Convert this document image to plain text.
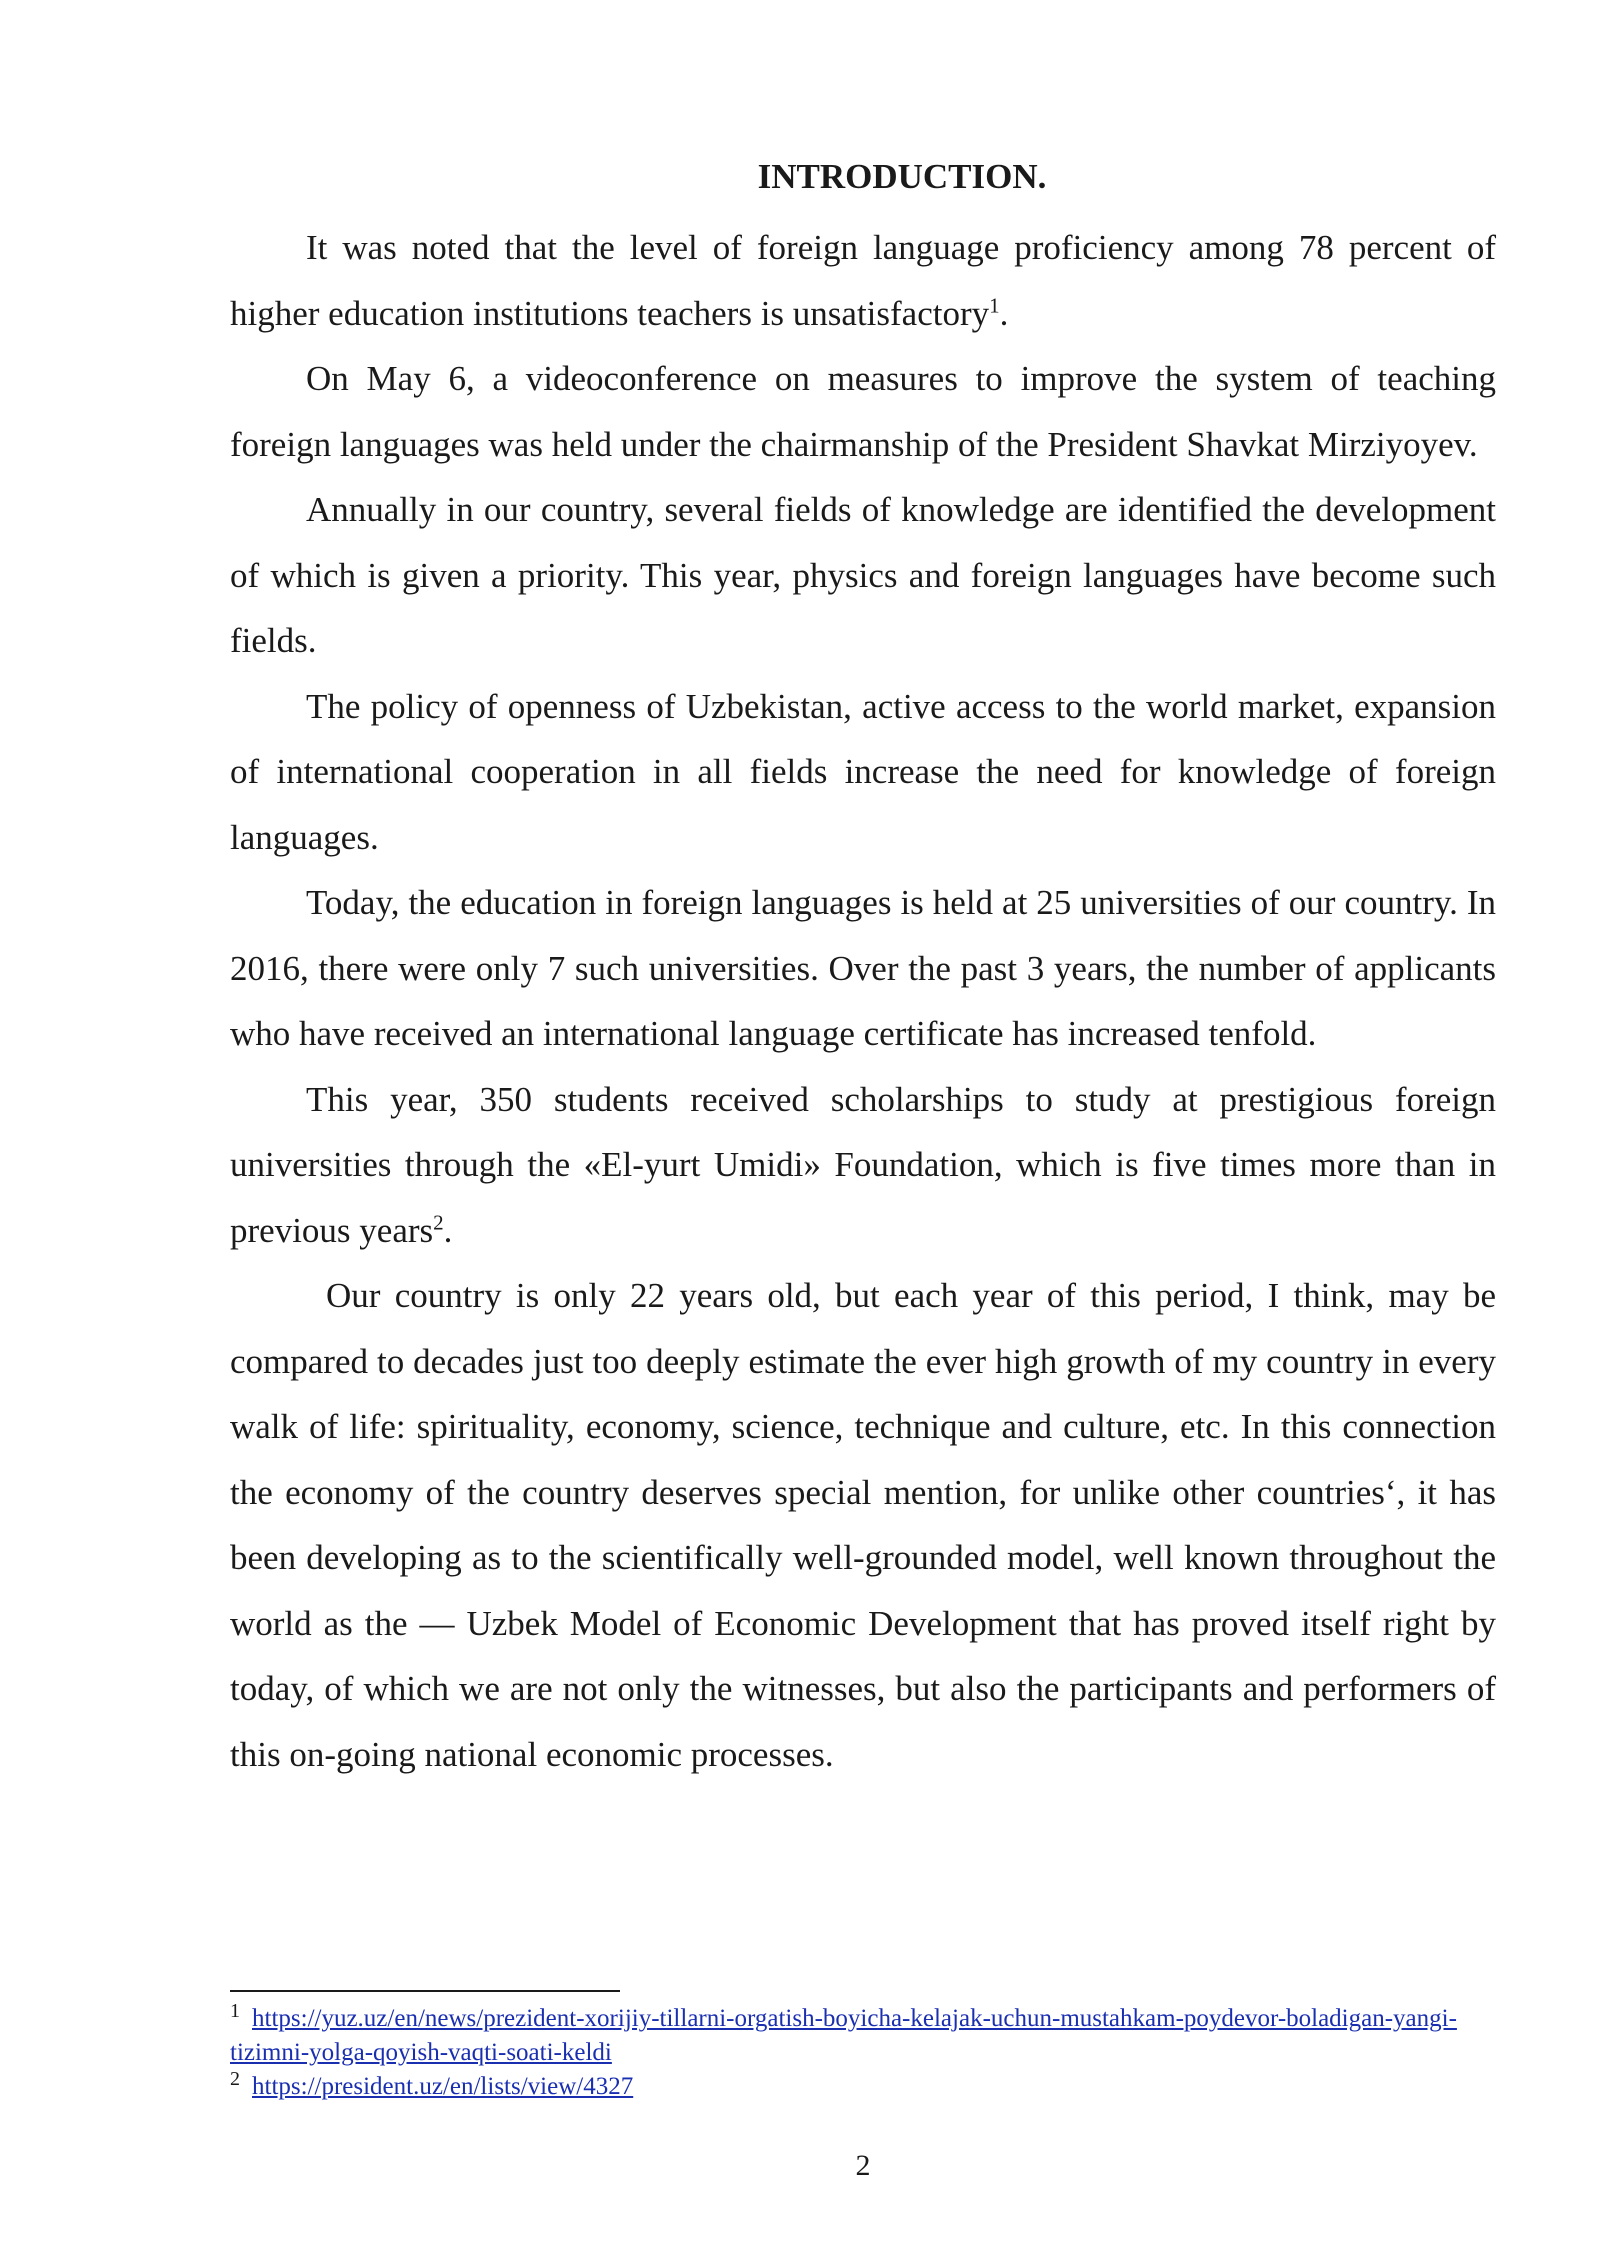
INTRODUCTION.

It was noted that the level of foreign language proficiency among 78 percent of higher education institutions teachers is unsatisfactory$^1$.

On May 6, a videoconference on measures to improve the system of teaching foreign languages was held under the chairmanship of the President Shavkat Mirziyoyev.

Annually in our country, several fields of knowledge are identified the development of which is given a priority. This year, physics and foreign languages have become such fields.

The policy of openness of Uzbekistan, active access to the world market, expansion of international cooperation in all fields increase the need for knowledge of foreign languages.

Today, the education in foreign languages is held at 25 universities of our country. In 2016, there were only 7 such universities. Over the past 3 years, the number of applicants who have received an international language certificate has increased tenfold.

This year, 350 students received scholarships to study at prestigious foreign universities through the «El-yurt Umidi» Foundation, which is five times more than in previous years$^2$.

Our country is only 22 years old, but each year of this period, I think, may be compared to decades just too deeply estimate the ever high growth of my country in every walk of life: spirituality, economy, science, technique and culture, etc. In this connection the economy of the country deserves special mention, for unlike other countries‘, it has been developing as to the scientifically well-grounded model, well known throughout the world as the — Uzbek Model of Economic Development that has proved itself right by today, of which we are not only the witnesses, but also the participants and performers of this on-going national economic processes.

$^1$ https://yuz.uz/en/news/prezident-xorijiy-tillarni-orgatish-boyicha-kelajak-uchun-mustahkam-poydevor-boladigan-yangi-tizimni-yolga-qoyish-vaqti-soati-keldi

$^2$ https://president.uz/en/lists/view/4327

2
